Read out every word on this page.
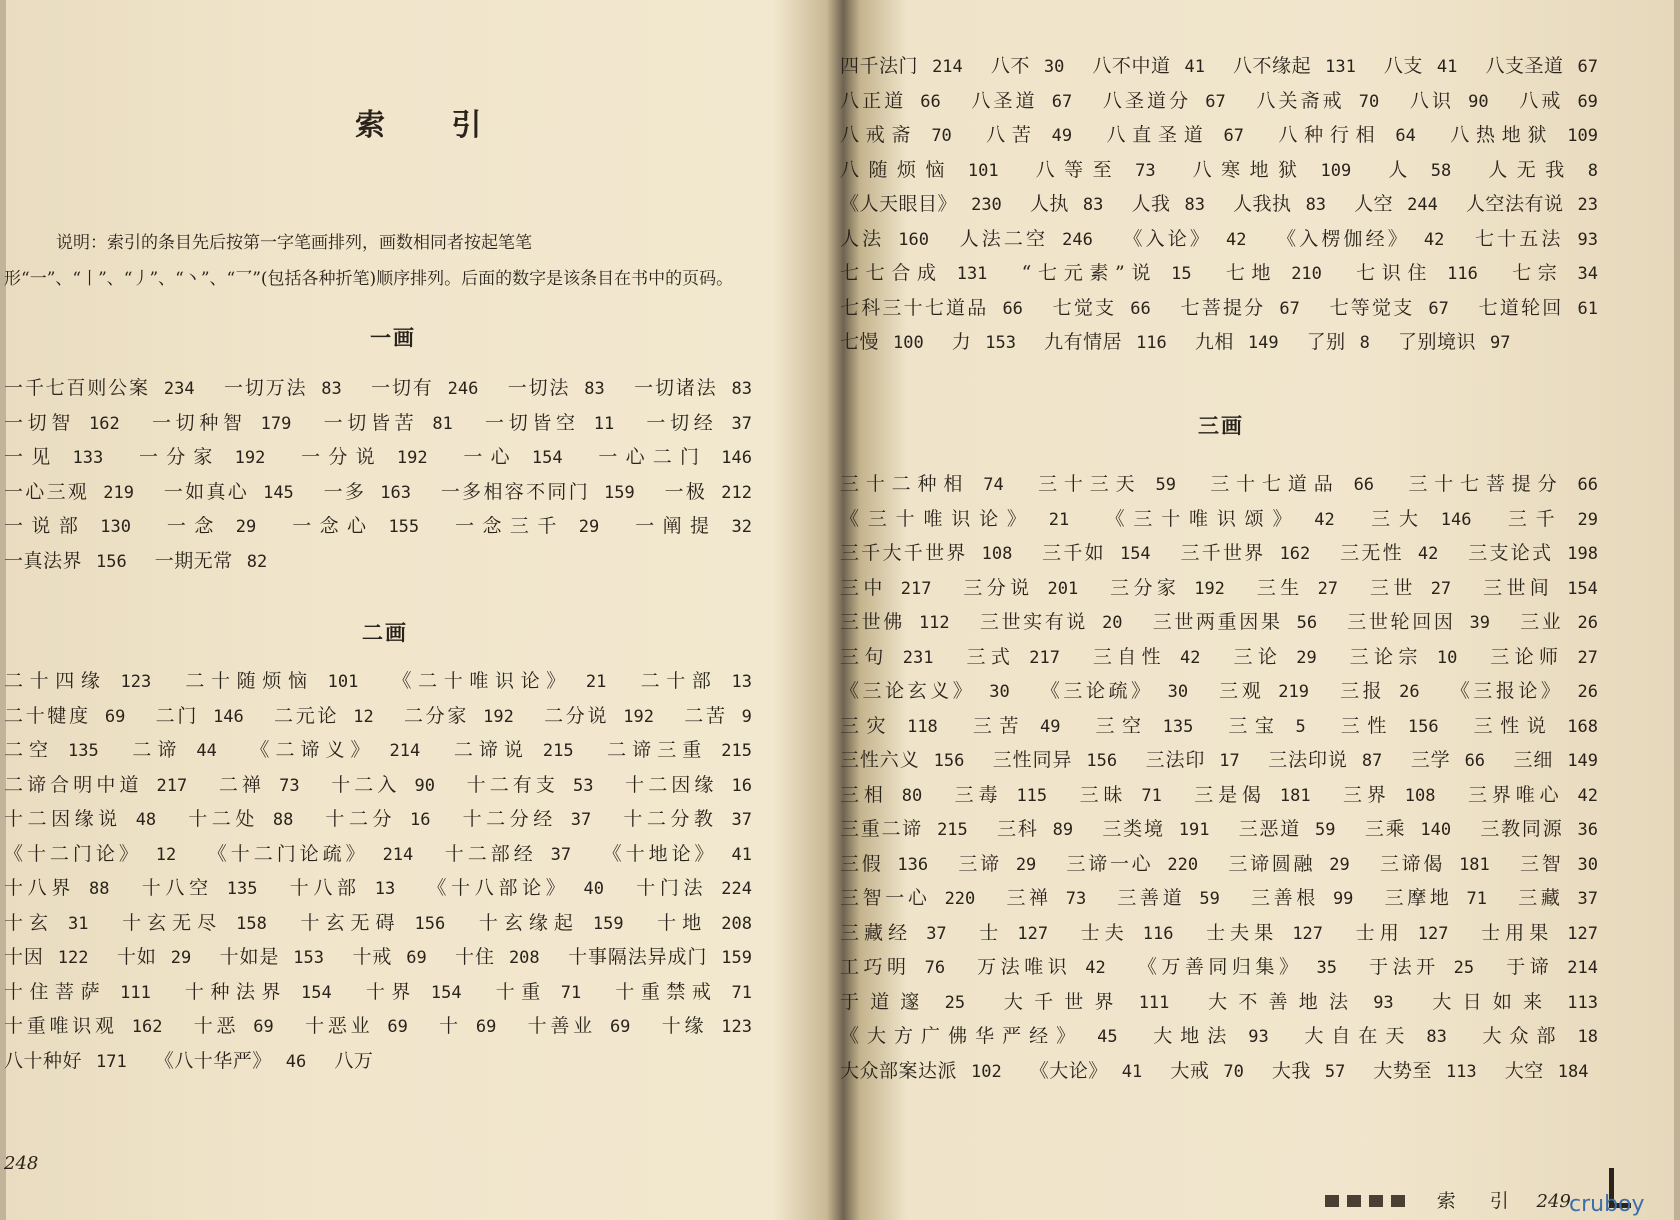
索 引
说明：索引的条目先后按第一字笔画排列，画数相同者按起笔笔形“一”、“丨”、“丿”、“丶”、“乛”(包括各种折笔)顺序排列。后面的数字是该条目在书中的页码。
一画
一千七百则公案 234 一切万法 83 一切有 246 一切法 83 一切诸法 83 一切智 162 一切种智 179 一切皆苦 81 一切皆空 11 一切经 37 一见 133 一分家 192 一分说 192 一心 154 一心二门 146 一心三观 219 一如真心 145 一多 163 一多相容不同门 159 一极 212 一说部 130 一念 29 一念心 155 一念三千 29 一阐提 32 一真法界 156 一期无常 82
二画
二十四缘 123 二十随烦恼 101 《二十唯识论》 21 二十部 13 二十犍度 69 二门 146 二元论 12 二分家 192 二分说 192 二苦 9 二空 135 二谛 44 《二谛义》 214 二谛说 215 二谛三重 215 二谛合明中道 217 二禅 73 十二入 90 十二有支 53 十二因缘 16 十二因缘说 48 十二处 88 十二分 16 十二分经 37 十二分教 37 《十二门论》 12 《十二门论疏》 214 十二部经 37 《十地论》 41 十八界 88 十八空 135 十八部 13 《十八部论》 40 十门法 224 十玄 31 十玄无尽 158 十玄无碍 156 十玄缘起 159 十地 208 十因 122 十如 29 十如是 153 十戒 69 十住 208 十事隔法异成门 159 十住菩萨 111 十种法界 154 十界 154 十重 71 十重禁戒 71 十重唯识观 162 十恶 69 十恶业 69 十 69 十善业 69 十缘 123 八十种好 171 《八十华严》 46 八万
248
四千法门 214 八不 30 八不中道 41 八不缘起 131 八支 41 八支圣道 67 八正道 66 八圣道 67 八圣道分 67 八关斋戒 70 八识 90 八戒 69 八戒斋 70 八苦 49 八直圣道 67 八种行相 64 八热地狱 109 八随烦恼 101 八等至 73 八寒地狱 109 人 58 人无我 8 《人天眼目》 230 人执 83 人我 83 人我执 83 人空 244 人空法有说 23 人法 160 人法二空 246 《入论》 42 《入楞伽经》 42 七十五法 93 七七合成 131 “七元素”说 15 七地 210 七识住 116 七宗 34 七科三十七道品 66 七觉支 66 七菩提分 67 七等觉支 67 七道轮回 61 七慢 100 力 153 九有情居 116 九相 149 了别 8 了别境识 97
三画
三十二种相 74 三十三天 59 三十七道品 66 三十七菩提分 66 《三十唯识论》 21 《三十唯识颂》 42 三大 146 三千 29 三千大千世界 108 三千如 154 三千世界 162 三无性 42 三支论式 198 三中 217 三分说 201 三分家 192 三生 27 三世 27 三世间 154 三世佛 112 三世实有说 20 三世两重因果 56 三世轮回因 39 三业 26 三句 231 三式 217 三自性 42 三论 29 三论宗 10 三论师 27 《三论玄义》 30 《三论疏》 30 三观 219 三报 26 《三报论》 26 三灾 118 三苦 49 三空 135 三宝 5 三性 156 三性说 168 三性六义 156 三性同异 156 三法印 17 三法印说 87 三学 66 三细 149 三相 80 三毒 115 三昧 71 三是偈 181 三界 108 三界唯心 42 三重二谛 215 三科 89 三类境 191 三恶道 59 三乘 140 三教同源 36 三假 136 三谛 29 三谛一心 220 三谛圆融 29 三谛偈 181 三智 30 三智一心 220 三禅 73 三善道 59 三善根 99 三摩地 71 三藏 37 三藏经 37 士 127 士夫 116 士夫果 127 士用 127 士用果 127 工巧明 76 万法唯识 42 《万善同归集》 35 于法开 25 于谛 214 于道邃 25 大千世界 111 大不善地法 93 大日如来 113 《大方广佛华严经》 45 大地法 93 大自在天 83 大众部 18 大众部案达派 102 《大论》 41 大戒 70 大我 57 大势至 113 大空 184
索 引 249
cruboy
